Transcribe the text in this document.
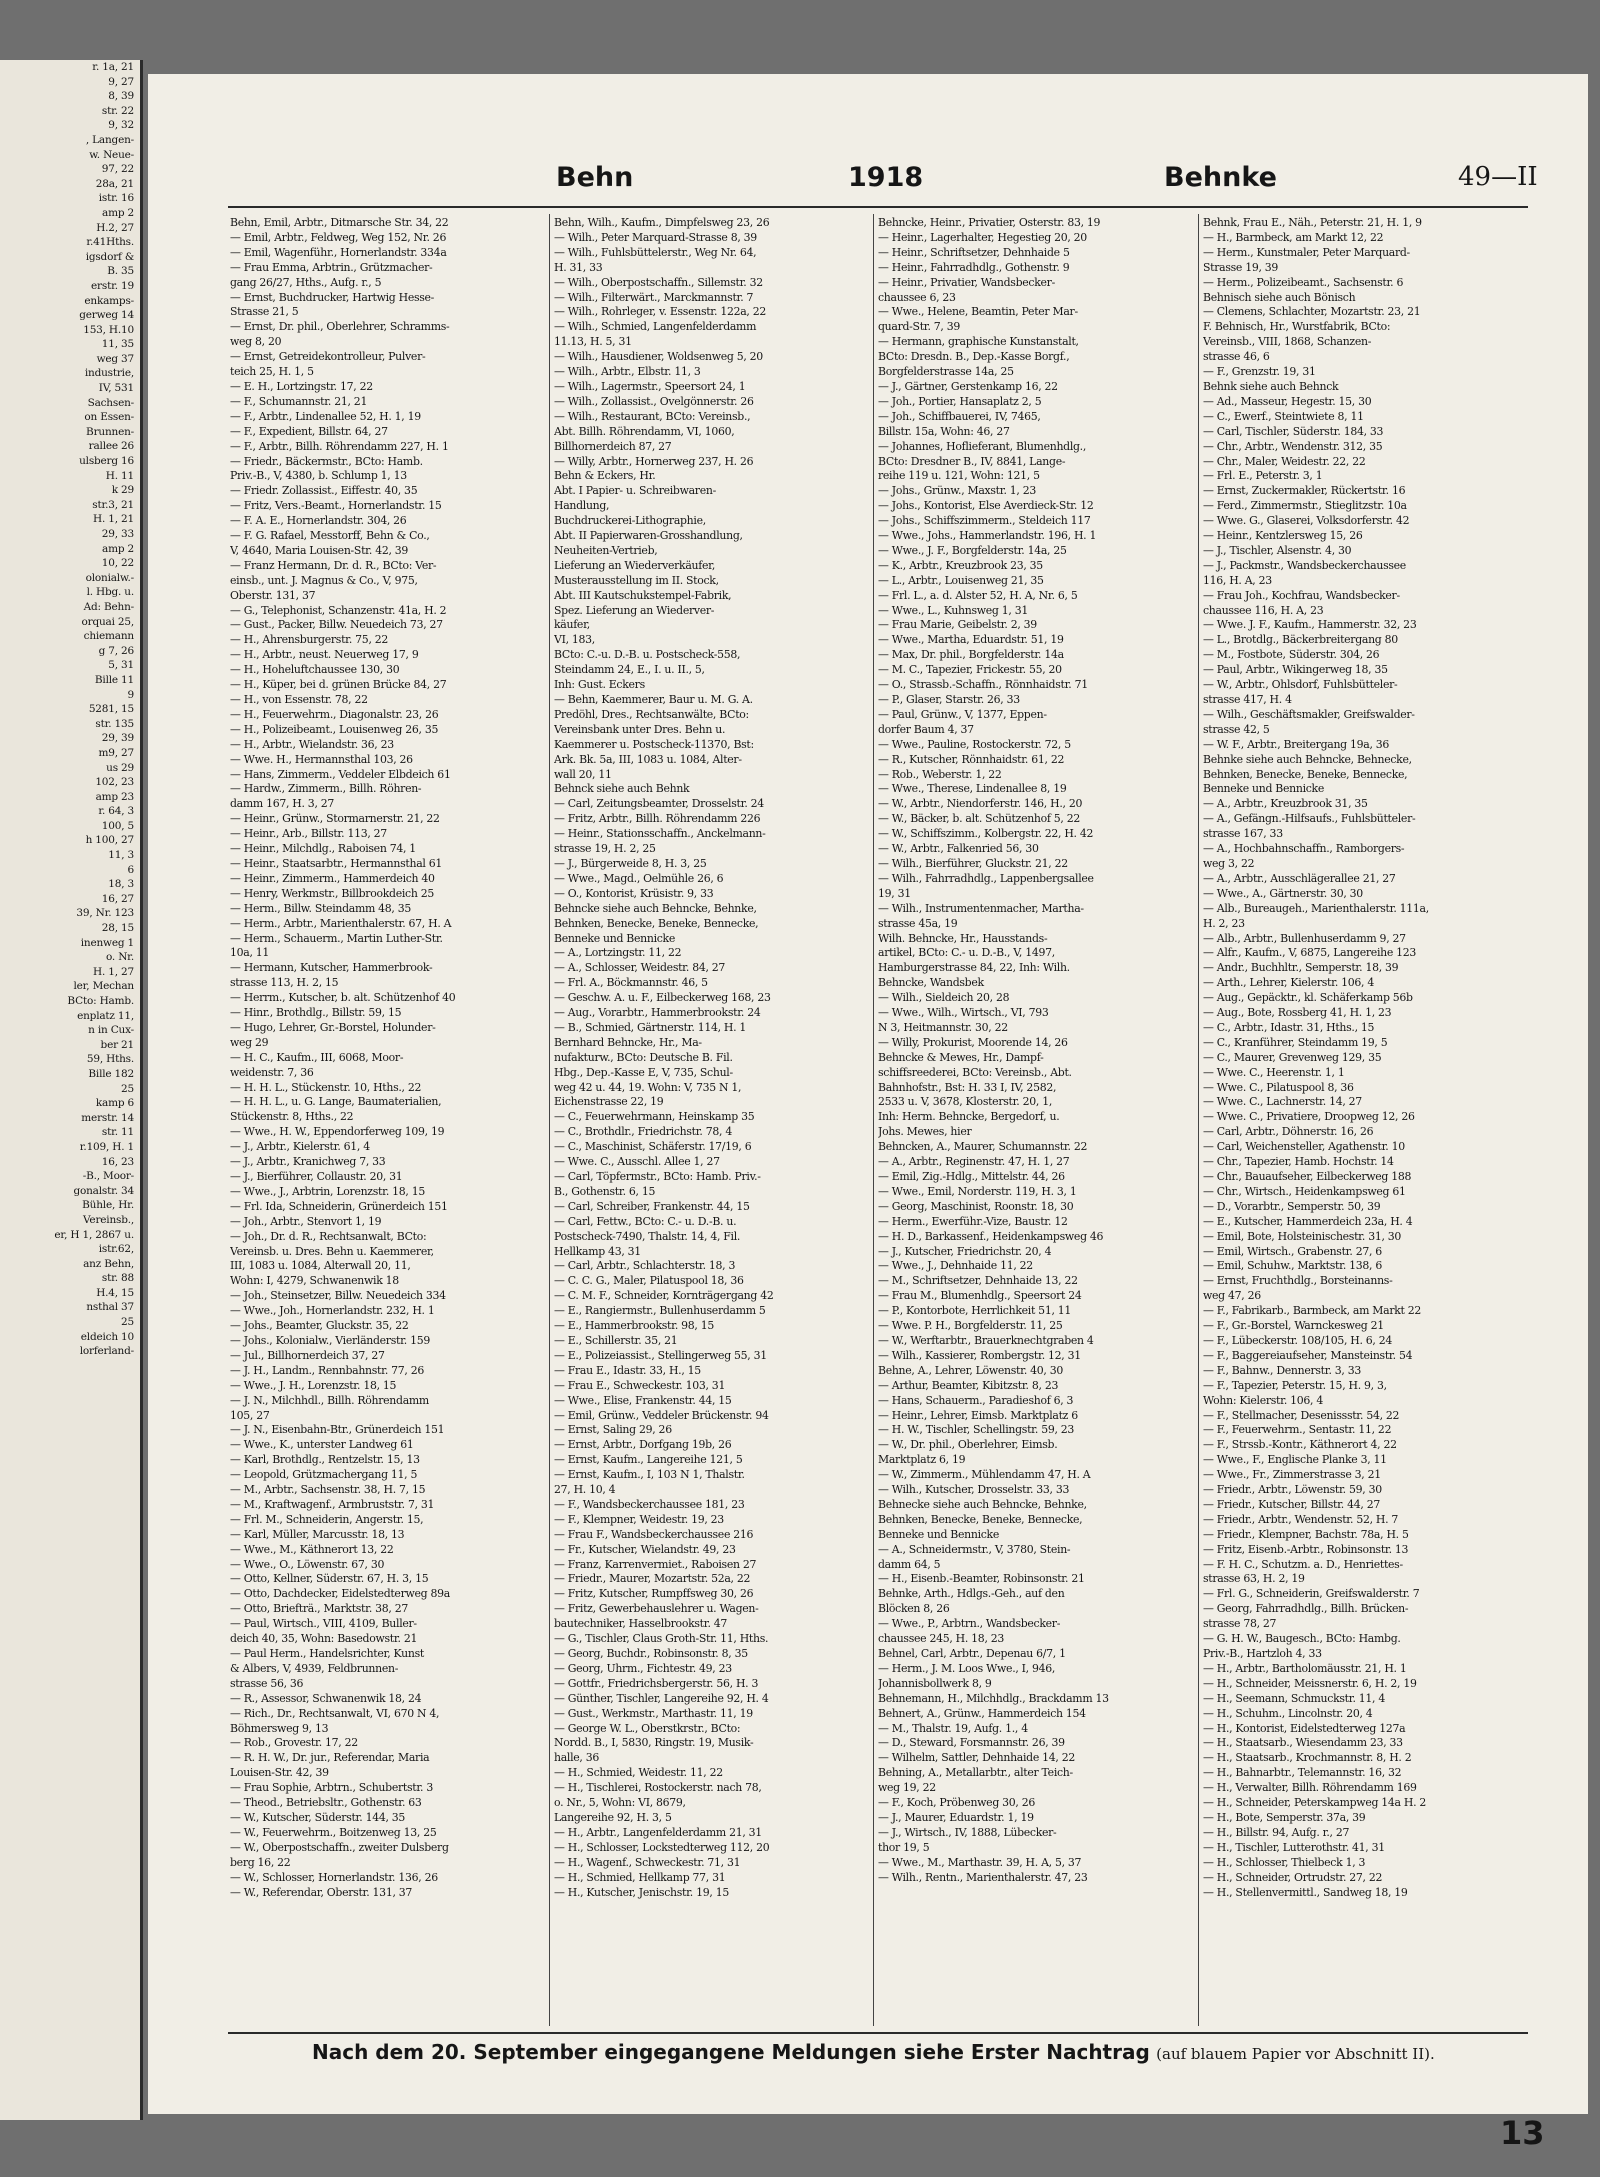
r. 1a, 21
9, 27
8, 39
str. 22
9, 32
, Langen-
w. Neue-
97, 22
28a, 21
istr. 16
amp 2
H.2, 27
r.41Hths.
igsdorf &
B. 35
erstr. 19
enkamps-
gerweg 14
153, H.10
11, 35
weg 37
industrie,
IV, 531
Sachsen-
on Essen-
Brunnen-
rallee 26
ulsberg 16
H. 11
k 29
str.3, 21
H. 1, 21
29, 33
amp 2
10, 22
olonialw.-
l. Hbg. u.
Ad: Behn-
orquai 25,
chiemann
g 7, 26
5, 31
Bille 11
9
5281, 15
str. 135
29, 39
m9, 27
us 29
102, 23
amp 23
r. 64, 3
100, 5
h 100, 27
11, 3
6
18, 3
16, 27
39, Nr. 123
28, 15
inenweg 1
o. Nr.
H. 1, 27
ler, Mechan
BCto: Hamb.
enplatz 11,
n in Cux-
ber 21
59, Hths.
Bille 182
25
kamp 6
merstr. 14
str. 11
r.109, H. 1
16, 23
-B., Moor-
gonalstr. 34
Bühle, Hr.
Vereinsb.,
er, H 1, 2867 u.
istr.62,
anz Behn,
str. 88
H.4, 15
nsthal 37
25
eldeich 10
lorferland-
Behn	1918	Behnke	49—II
Behn, Emil, Arbtr., Ditmarsche Str. 34, 22
— Emil, Arbtr., Feldweg, Weg 152, Nr. 26
— Emil, Wagenführ., Hornerlandstr. 334a
— Frau Emma, Arbtrin., Grützmacher-
gang 26/27, Hths., Aufg. r., 5
— Ernst, Buchdrucker, Hartwig Hesse-
Strasse 21, 5
— Ernst, Dr. phil., Oberlehrer, Schramms-
weg 8, 20
— Ernst, Getreidekontrolleur, Pulver-
teich 25, H. 1, 5
— E. H., Lortzingstr. 17, 22
— F., Schumannstr. 21, 21
— F., Arbtr., Lindenallee 52, H. 1, 19
— F., Expedient, Billstr. 64, 27
— F., Arbtr., Billh. Röhrendamm 227, H. 1
— Friedr., Bäckermstr., BCto: Hamb.
Priv.-B., V, 4380, b. Schlump 1, 13
— Friedr. Zollassist., Eiffestr. 40, 35
— Fritz, Vers.-Beamt., Hornerlandstr. 15
— F. A. E., Hornerlandstr. 304, 26
— F. G. Rafael, Messtorff, Behn & Co.,
V, 4640, Maria Louisen-Str. 42, 39
— Franz Hermann, Dr. d. R., BCto: Ver-
einsb., unt. J. Magnus & Co., V, 975,
Oberstr. 131, 37
— G., Telephonist, Schanzenstr. 41a, H. 2
— Gust., Packer, Billw. Neuedeich 73, 27
— H., Ahrensburgerstr. 75, 22
— H., Arbtr., neust. Neuerweg 17, 9
— H., Hoheluftchaussee 130, 30
— H., Küper, bei d. grünen Brücke 84, 27
— H., von Essenstr. 78, 22
— H., Feuerwehrm., Diagonalstr. 23, 26
— H., Polizeibeamt., Louisenweg 26, 35
— H., Arbtr., Wielandstr. 36, 23
— Wwe. H., Hermannsthal 103, 26
— Hans, Zimmerm., Veddeler Elbdeich 61
— Hardw., Zimmerm., Billh. Röhren-
damm 167, H. 3, 27
— Heinr., Grünw., Stormarnerstr. 21, 22
— Heinr., Arb., Billstr. 113, 27
— Heinr., Milchdlg., Raboisen 74, 1
— Heinr., Staatsarbtr., Hermannsthal 61
— Heinr., Zimmerm., Hammerdeich 40
— Henry, Werkmstr., Billbrookdeich 25
— Herm., Billw. Steindamm 48, 35
— Herm., Arbtr., Marienthalerstr. 67, H. A
— Herm., Schauerm., Martin Luther-Str.
10a, 11
— Hermann, Kutscher, Hammerbrook-
strasse 113, H. 2, 15
— Herrm., Kutscher, b. alt. Schützenhof 40
— Hinr., Brothdlg., Billstr. 59, 15
— Hugo, Lehrer, Gr.-Borstel, Holunder-
weg 29
— H. C., Kaufm., III, 6068, Moor-
weidenstr. 7, 36
— H. H. L., Stückenstr. 10, Hths., 22
— H. H. L., u. G. Lange, Baumaterialien,
Stückenstr. 8, Hths., 22
— Wwe., H. W., Eppendorferweg 109, 19
— J., Arbtr., Kielerstr. 61, 4
— J., Arbtr., Kranichweg 7, 33
— J., Bierführer, Collaustr. 20, 31
— Wwe., J., Arbtrin, Lorenzstr. 18, 15
— Frl. Ida, Schneiderin, Grünerdeich 151
— Joh., Arbtr., Stenvort 1, 19
— Joh., Dr. d. R., Rechtsanwalt, BCto:
Vereinsb. u. Dres. Behn u. Kaemmerer,
III, 1083 u. 1084, Alterwall 20, 11,
Wohn: I, 4279, Schwanenwik 18
— Joh., Steinsetzer, Billw. Neuedeich 334
— Wwe., Joh., Hornerlandstr. 232, H. 1
— Johs., Beamter, Gluckstr. 35, 22
— Johs., Kolonialw., Vierländerstr. 159
— Jul., Billhornerdeich 37, 27
— J. H., Landm., Rennbahnstr. 77, 26
— Wwe., J. H., Lorenzstr. 18, 15
— J. N., Milchhdl., Billh. Röhrendamm
105, 27
— J. N., Eisenbahn-Btr., Grünerdeich 151
— Wwe., K., unterster Landweg 61
— Karl, Brothdlg., Rentzelstr. 15, 13
— Leopold, Grützmachergang 11, 5
— M., Arbtr., Sachsenstr. 38, H. 7, 15
— M., Kraftwagenf., Armbruststr. 7, 31
— Frl. M., Schneiderin, Angerstr. 15,
— Karl, Müller, Marcusstr. 18, 13
— Wwe., M., Käthnerort 13, 22
— Wwe., O., Löwenstr. 67, 30
— Otto, Kellner, Süderstr. 67, H. 3, 15
— Otto, Dachdecker, Eidelstedterweg 89a
— Otto, Briefträ., Marktstr. 38, 27
— Paul, Wirtsch., VIII, 4109, Buller-
deich 40, 35, Wohn: Basedowstr. 21
— Paul Herm., Handelsrichter, Kunst
& Albers, V, 4939, Feldbrunnen-
strasse 56, 36
— R., Assessor, Schwanenwik 18, 24
— Rich., Dr., Rechtsanwalt, VI, 670 N 4,
Böhmersweg 9, 13
— Rob., Grovestr. 17, 22
— R. H. W., Dr. jur., Referendar, Maria
Louisen-Str. 42, 39
— Frau Sophie, Arbtrn., Schubertstr. 3
— Theod., Betriebsltr., Gothenstr. 63
— W., Kutscher, Süderstr. 144, 35
— W., Feuerwehrm., Boitzenweg 13, 25
— W., Oberpostschaffn., zweiter Dulsberg
berg 16, 22
— W., Schlosser, Hornerlandstr. 136, 26
— W., Referendar, Oberstr. 131, 37
Behn, Wilh., Kaufm., Dimpfelsweg 23, 26
— Wilh., Peter Marquard-Strasse 8, 39
— Wilh., Fuhlsbüttelerstr., Weg Nr. 64,
H. 31, 33
— Wilh., Oberpostschaffn., Sillemstr. 32
— Wilh., Filterwärt., Marckmannstr. 7
— Wilh., Rohrleger, v. Essenstr. 122a, 22
— Wilh., Schmied, Langenfelderdamm
11.13, H. 5, 31
— Wilh., Hausdiener, Woldsenweg 5, 20
— Wilh., Arbtr., Elbstr. 11, 3
— Wilh., Lagermstr., Speersort 24, 1
— Wilh., Zollassist., Ovelgönnerstr. 26
— Wilh., Restaurant, BCto: Vereinsb.,
Abt. Billh. Röhrendamm, VI, 1060,
Billhornerdeich 87, 27
— Willy, Arbtr., Hornerweg 237, H. 26
Behn & Eckers, Hr.
Abt. I Papier- u. Schreibwaren-
Handlung,
Buchdruckerei-Lithographie,
Abt. II Papierwaren-Grosshandlung,
Neuheiten-Vertrieb,
Lieferung an Wiederverkäufer,
Musterausstellung im II. Stock,
Abt. III Kautschukstempel-Fabrik,
Spez. Lieferung an Wiederver-
käufer,
VI, 183,
BCto: C.-u. D.-B. u. Postscheck-558,
Steindamm 24, E., I. u. II., 5,
Inh: Gust. Eckers
— Behn, Kaemmerer, Baur u. M. G. A.
Predöhl, Dres., Rechtsanwälte, BCto:
Vereinsbank unter Dres. Behn u.
Kaemmerer u. Postscheck-11370, Bst:
Ark. Bk. 5a, III, 1083 u. 1084, Alter-
wall 20, 11
Behnck siehe auch Behnk
— Carl, Zeitungsbeamter, Drosselstr. 24
— Fritz, Arbtr., Billh. Röhrendamm 226
— Heinr., Stationsschaffn., Anckelmann-
strasse 19, H. 2, 25
— J., Bürgerweide 8, H. 3, 25
— Wwe., Magd., Oelmühle 26, 6
— O., Kontorist, Krüsistr. 9, 33
Behncke siehe auch Behncke, Behnke,
Behnken, Benecke, Beneke, Bennecke,
Benneke und Bennicke
— A., Lortzingstr. 11, 22
— A., Schlosser, Weidestr. 84, 27
— Frl. A., Böckmannstr. 46, 5
— Geschw. A. u. F., Eilbeckerweg 168, 23
— Aug., Vorarbtr., Hammerbrookstr. 24
— B., Schmied, Gärtnerstr. 114, H. 1
Bernhard Behncke, Hr., Ma-
nufakturw., BCto: Deutsche B. Fil.
Hbg., Dep.-Kasse E, V, 735, Schul-
weg 42 u. 44, 19. Wohn: V, 735 N 1,
Eichenstrasse 22, 19
— C., Feuerwehrmann, Heinskamp 35
— C., Brothdlr., Friedrichstr. 78, 4
— C., Maschinist, Schäferstr. 17/19, 6
— Wwe. C., Ausschl. Allee 1, 27
— Carl, Töpfermstr., BCto: Hamb. Priv.-
B., Gothenstr. 6, 15
— Carl, Schreiber, Frankenstr. 44, 15
— Carl, Fettw., BCto: C.- u. D.-B. u.
Postscheck-7490, Thalstr. 14, 4, Fil.
Hellkamp 43, 31
— Carl, Arbtr., Schlachterstr. 18, 3
— C. C. G., Maler, Pilatuspool 18, 36
— C. M. F., Schneider, Kornträgergang 42
— E., Rangiermstr., Bullenhuserdamm 5
— E., Hammerbrookstr. 98, 15
— E., Schillerstr. 35, 21
— E., Polizeiassist., Stellingerweg 55, 31
— Frau E., Idastr. 33, H., 15
— Frau E., Schweckestr. 103, 31
— Wwe., Elise, Frankenstr. 44, 15
— Emil, Grünw., Veddeler Brückenstr. 94
— Ernst, Saling 29, 26
— Ernst, Arbtr., Dorfgang 19b, 26
— Ernst, Kaufm., Langereihe 121, 5
— Ernst, Kaufm., I, 103 N 1, Thalstr.
27, H. 10, 4
— F., Wandsbeckerchaussee 181, 23
— F., Klempner, Weidestr. 19, 23
— Frau F., Wandsbeckerchaussee 216
— Fr., Kutscher, Wielandstr. 49, 23
— Franz, Karrenvermiet., Raboisen 27
— Friedr., Maurer, Mozartstr. 52a, 22
— Fritz, Kutscher, Rumpffsweg 30, 26
— Fritz, Gewerbehauslehrer u. Wagen-
bautechniker, Hasselbrookstr. 47
— G., Tischler, Claus Groth-Str. 11, Hths.
— Georg, Buchdr., Robinsonstr. 8, 35
— Georg, Uhrm., Fichtestr. 49, 23
— Gottfr., Friedrichsbergerstr. 56, H. 3
— Günther, Tischler, Langereihe 92, H. 4
— Gust., Werkmstr., Marthastr. 11, 19
— George W. L., Oberstkrstr., BCto:
Nordd. B., I, 5830, Ringstr. 19, Musik-
halle, 36
— H., Schmied, Weidestr. 11, 22
— H., Tischlerei, Rostockerstr. nach 78,
o. Nr., 5, Wohn: VI, 8679,
Langereihe 92, H. 3, 5
— H., Arbtr., Langenfelderdamm 21, 31
— H., Schlosser, Lockstedterweg 112, 20
— H., Wagenf., Schweckestr. 71, 31
— H., Schmied, Hellkamp 77, 31
— H., Kutscher, Jenischstr. 19, 15
Behncke, Heinr., Privatier, Osterstr. 83, 19
— Heinr., Lagerhalter, Hegestieg 20, 20
— Heinr., Schriftsetzer, Dehnhaide 5
— Heinr., Fahrradhdlg., Gothenstr. 9
— Heinr., Privatier, Wandsbecker-
chaussee 6, 23
— Wwe., Helene, Beamtin, Peter Mar-
quard-Str. 7, 39
— Hermann, graphische Kunstanstalt,
BCto: Dresdn. B., Dep.-Kasse Borgf.,
Borgfelderstrasse 14a, 25
— J., Gärtner, Gerstenkamp 16, 22
— Joh., Portier, Hansaplatz 2, 5
— Joh., Schiffbauerei, IV, 7465,
Billstr. 15a, Wohn: 46, 27
— Johannes, Hoflieferant, Blumenhdlg.,
BCto: Dresdner B., IV, 8841, Lange-
reihe 119 u. 121, Wohn: 121, 5
— Johs., Grünw., Maxstr. 1, 23
— Johs., Kontorist, Else Averdieck-Str. 12
— Johs., Schiffszimmerm., Steldeich 117
— Wwe., Johs., Hammerlandstr. 196, H. 1
— Wwe., J. F., Borgfelderstr. 14a, 25
— K., Arbtr., Kreuzbrook 23, 35
— L., Arbtr., Louisenweg 21, 35
— Frl. L., a. d. Alster 52, H. A, Nr. 6, 5
— Wwe., L., Kuhnsweg 1, 31
— Frau Marie, Geibelstr. 2, 39
— Wwe., Martha, Eduardstr. 51, 19
— Max, Dr. phil., Borgfelderstr. 14a
— M. C., Tapezier, Frickestr. 55, 20
— O., Strassb.-Schaffn., Rönnhaidstr. 71
— P., Glaser, Starstr. 26, 33
— Paul, Grünw., V, 1377, Eppen-
dorfer Baum 4, 37
— Wwe., Pauline, Rostockerstr. 72, 5
— R., Kutscher, Rönnhaidstr. 61, 22
— Rob., Weberstr. 1, 22
— Wwe., Therese, Lindenallee 8, 19
— W., Arbtr., Niendorferstr. 146, H., 20
— W., Bäcker, b. alt. Schützenhof 5, 22
— W., Schiffszimm., Kolbergstr. 22, H. 42
— W., Arbtr., Falkenried 56, 30
— Wilh., Bierführer, Gluckstr. 21, 22
— Wilh., Fahrradhdlg., Lappenbergsallee
19, 31
— Wilh., Instrumentenmacher, Martha-
strasse 45a, 19
Wilh. Behncke, Hr., Hausstands-
artikel, BCto: C.- u. D.-B., V, 1497,
Hamburgerstrasse 84, 22, Inh: Wilh.
Behncke, Wandsbek
— Wilh., Sieldeich 20, 28
— Wwe., Wilh., Wirtsch., VI, 793
N 3, Heitmannstr. 30, 22
— Willy, Prokurist, Moorende 14, 26
Behncke & Mewes, Hr., Dampf-
schiffsreederei, BCto: Vereinsb., Abt.
Bahnhofstr., Bst: H. 33 I, IV, 2582,
2533 u. V, 3678, Klosterstr. 20, 1,
Inh: Herm. Behncke, Bergedorf, u.
Johs. Mewes, hier
Behncken, A., Maurer, Schumannstr. 22
— A., Arbtr., Reginenstr. 47, H. 1, 27
— Emil, Zig.-Hdlg., Mittelstr. 44, 26
— Wwe., Emil, Norderstr. 119, H. 3, 1
— Georg, Maschinist, Roonstr. 18, 30
— Herm., Ewerführ.-Vize, Baustr. 12
— H. D., Barkassenf., Heidenkampsweg 46
— J., Kutscher, Friedrichstr. 20, 4
— Wwe., J., Dehnhaide 11, 22
— M., Schriftsetzer, Dehnhaide 13, 22
— Frau M., Blumenhdlg., Speersort 24
— P., Kontorbote, Herrlichkeit 51, 11
— Wwe. P. H., Borgfelderstr. 11, 25
— W., Werftarbtr., Brauerknechtgraben 4
— Wilh., Kassierer, Rombergstr. 12, 31
Behne, A., Lehrer, Löwenstr. 40, 30
— Arthur, Beamter, Kibitzstr. 8, 23
— Hans, Schauerm., Paradieshof 6, 3
— Heinr., Lehrer, Eimsb. Marktplatz 6
— H. W., Tischler, Schellingstr. 59, 23
— W., Dr. phil., Oberlehrer, Eimsb.
Marktplatz 6, 19
— W., Zimmerm., Mühlendamm 47, H. A
— Wilh., Kutscher, Drosselstr. 33, 33
Behnecke siehe auch Behncke, Behnke,
Behnken, Benecke, Beneke, Bennecke,
Benneke und Bennicke
— A., Schneidermstr., V, 3780, Stein-
damm 64, 5
— H., Eisenb.-Beamter, Robinsonstr. 21
Behnke, Arth., Hdlgs.-Geh., auf den
Blöcken 8, 26
— Wwe., P., Arbtrn., Wandsbecker-
chaussee 245, H. 18, 23
Behnel, Carl, Arbtr., Depenau 6/7, 1
— Herm., J. M. Loos Wwe., I, 946,
Johannisbollwerk 8, 9
Behnemann, H., Milchhdlg., Brackdamm 13
Behnert, A., Grünw., Hammerdeich 154
— M., Thalstr. 19, Aufg. 1., 4
— D., Steward, Forsmannstr. 26, 39
— Wilhelm, Sattler, Dehnhaide 14, 22
Behning, A., Metallarbtr., alter Teich-
weg 19, 22
— F., Koch, Pröbenweg 30, 26
— J., Maurer, Eduardstr. 1, 19
— J., Wirtsch., IV, 1888, Lübecker-
thor 19, 5
— Wwe., M., Marthastr. 39, H. A, 5, 37
— Wilh., Rentn., Marienthalerstr. 47, 23
Behnk, Frau E., Näh., Peterstr. 21, H. 1, 9
— H., Barmbeck, am Markt 12, 22
— Herm., Kunstmaler, Peter Marquard-
Strasse 19, 39
— Herm., Polizeibeamt., Sachsenstr. 6
Behnisch siehe auch Bönisch
— Clemens, Schlachter, Mozartstr. 23, 21
F. Behnisch, Hr., Wurstfabrik, BCto:
Vereinsb., VIII, 1868, Schanzen-
strasse 46, 6
— F., Grenzstr. 19, 31
Behnk siehe auch Behnck
— Ad., Masseur, Hegestr. 15, 30
— C., Ewerf., Steintwiete 8, 11
— Carl, Tischler, Süderstr. 184, 33
— Chr., Arbtr., Wendenstr. 312, 35
— Chr., Maler, Weidestr. 22, 22
— Frl. E., Peterstr. 3, 1
— Ernst, Zuckermakler, Rückertstr. 16
— Ferd., Zimmermstr., Stieglitzstr. 10a
— Wwe. G., Glaserei, Volksdorferstr. 42
— Heinr., Kentzlersweg 15, 26
— J., Tischler, Alsenstr. 4, 30
— J., Packmstr., Wandsbeckerchaussee
116, H. A, 23
— Frau Joh., Kochfrau, Wandsbecker-
chaussee 116, H. A, 23
— Wwe. J. F., Kaufm., Hammerstr. 32, 23
— L., Brotdlg., Bäckerbreitergang 80
— M., Fostbote, Süderstr. 304, 26
— Paul, Arbtr., Wikingerweg 18, 35
— W., Arbtr., Ohlsdorf, Fuhlsbütteler-
strasse 417, H. 4
— Wilh., Geschäftsmakler, Greifswalder-
strasse 42, 5
— W. F., Arbtr., Breitergang 19a, 36
Behnke siehe auch Behncke, Behnecke,
Behnken, Benecke, Beneke, Bennecke,
Benneke und Bennicke
— A., Arbtr., Kreuzbrook 31, 35
— A., Gefängn.-Hilfsaufs., Fuhlsbütteler-
strasse 167, 33
— A., Hochbahnschaffn., Ramborgers-
weg 3, 22
— A., Arbtr., Ausschlägerallee 21, 27
— Wwe., A., Gärtnerstr. 30, 30
— Alb., Bureaugeh., Marienthalerstr. 111a,
H. 2, 23
— Alb., Arbtr., Bullenhuserdamm 9, 27
— Alfr., Kaufm., V, 6875, Langereihe 123
— Andr., Buchhltr., Semperstr. 18, 39
— Arth., Lehrer, Kielerstr. 106, 4
— Aug., Gepäcktr., kl. Schäferkamp 56b
— Aug., Bote, Rossberg 41, H. 1, 23
— C., Arbtr., Idastr. 31, Hths., 15
— C., Kranführer, Steindamm 19, 5
— C., Maurer, Grevenweg 129, 35
— Wwe. C., Heerenstr. 1, 1
— Wwe. C., Pilatuspool 8, 36
— Wwe. C., Lachnerstr. 14, 27
— Wwe. C., Privatiere, Droopweg 12, 26
— Carl, Arbtr., Döhnerstr. 16, 26
— Carl, Weichensteller, Agathenstr. 10
— Chr., Tapezier, Hamb. Hochstr. 14
— Chr., Bauaufseher, Eilbeckerweg 188
— Chr., Wirtsch., Heidenkampsweg 61
— D., Vorarbtr., Semperstr. 50, 39
— E., Kutscher, Hammerdeich 23a, H. 4
— Emil, Bote, Holsteinischestr. 31, 30
— Emil, Wirtsch., Grabenstr. 27, 6
— Emil, Schuhw., Marktstr. 138, 6
— Ernst, Fruchthdlg., Borsteinanns-
weg 47, 26
— F., Fabrikarb., Barmbeck, am Markt 22
— F., Gr.-Borstel, Warnckesweg 21
— F., Lübeckerstr. 108/105, H. 6, 24
— F., Baggereiaufseher, Mansteinstr. 54
— F., Bahnw., Dennerstr. 3, 33
— F., Tapezier, Peterstr. 15, H. 9, 3,
Wohn: Kielerstr. 106, 4
— F., Stellmacher, Desenissstr. 54, 22
— F., Feuerwehrm., Sentastr. 11, 22
— F., Strssb.-Kontr., Käthnerort 4, 22
— Wwe., F., Englische Planke 3, 11
— Wwe., Fr., Zimmerstrasse 3, 21
— Friedr., Arbtr., Löwenstr. 59, 30
— Friedr., Kutscher, Billstr. 44, 27
— Friedr., Arbtr., Wendenstr. 52, H. 7
— Friedr., Klempner, Bachstr. 78a, H. 5
— Fritz, Eisenb.-Arbtr., Robinsonstr. 13
— F. H. C., Schutzm. a. D., Henriettes-
strasse 63, H. 2, 19
— Frl. G., Schneiderin, Greifswalderstr. 7
— Georg, Fahrradhdlg., Billh. Brücken-
strasse 78, 27
— G. H. W., Baugesch., BCto: Hambg.
Priv.-B., Hartzloh 4, 33
— H., Arbtr., Bartholomäusstr. 21, H. 1
— H., Schneider, Meissnerstr. 6, H. 2, 19
— H., Seemann, Schmuckstr. 11, 4
— H., Schuhm., Lincolnstr. 20, 4
— H., Kontorist, Eidelstedterweg 127a
— H., Staatsarb., Wiesendamm 23, 33
— H., Staatsarb., Krochmannstr. 8, H. 2
— H., Bahnarbtr., Telemannstr. 16, 32
— H., Verwalter, Billh. Röhrendamm 169
— H., Schneider, Peterskampweg 14a H. 2
— H., Bote, Semperstr. 37a, 39
— H., Billstr. 94, Aufg. r., 27
— H., Tischler, Lutterothstr. 41, 31
— H., Schlosser, Thielbeck 1, 3
— H., Schneider, Ortrudstr. 27, 22
— H., Stellenvermittl., Sandweg 18, 19
Nach dem 20. September eingegangene Meldungen siehe Erster Nachtrag (auf blauem Papier vor Abschnitt II).
13
